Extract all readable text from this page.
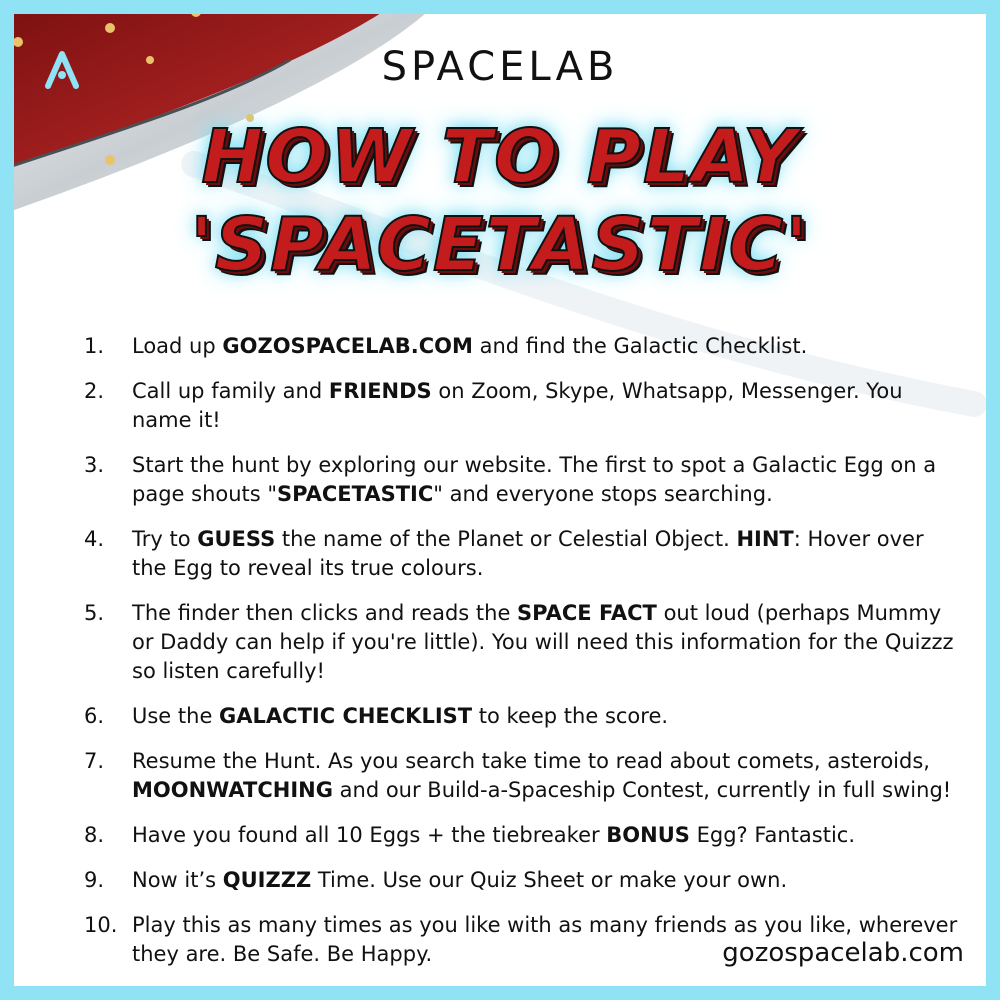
SPACELAB
HOW TO PLAY
'SPACETASTIC'
1.	Load up GOZOSPACELAB.COM and find the Galactic Checklist.
2.	Call up family and FRIENDS on Zoom, Skype, Whatsapp, Messenger. You name it!
3.	Start the hunt by exploring our website. The first to spot a Galactic Egg on a page shouts "SPACETASTIC" and everyone stops searching.
4.	Try to GUESS the name of the Planet or Celestial Object. HINT: Hover over the Egg to reveal its true colours.
5.	The finder then clicks and reads the SPACE FACT out loud (perhaps Mummy or Daddy can help if you're little). You will need this information for the Quizzz so listen carefully!
6.	Use the GALACTIC CHECKLIST to keep the score.
7.	Resume the Hunt. As you search take time to read about comets, asteroids, MOONWATCHING and our Build-a-Spaceship Contest, currently in full swing!
8.	Have you found all 10 Eggs + the tiebreaker BONUS Egg? Fantastic.
9.	Now it’s QUIZZZ Time. Use our Quiz Sheet or make your own.
10. Play this as many times as you like with as many friends as you like, wherever they are. Be Safe. Be Happy.	gozospacelab.com
